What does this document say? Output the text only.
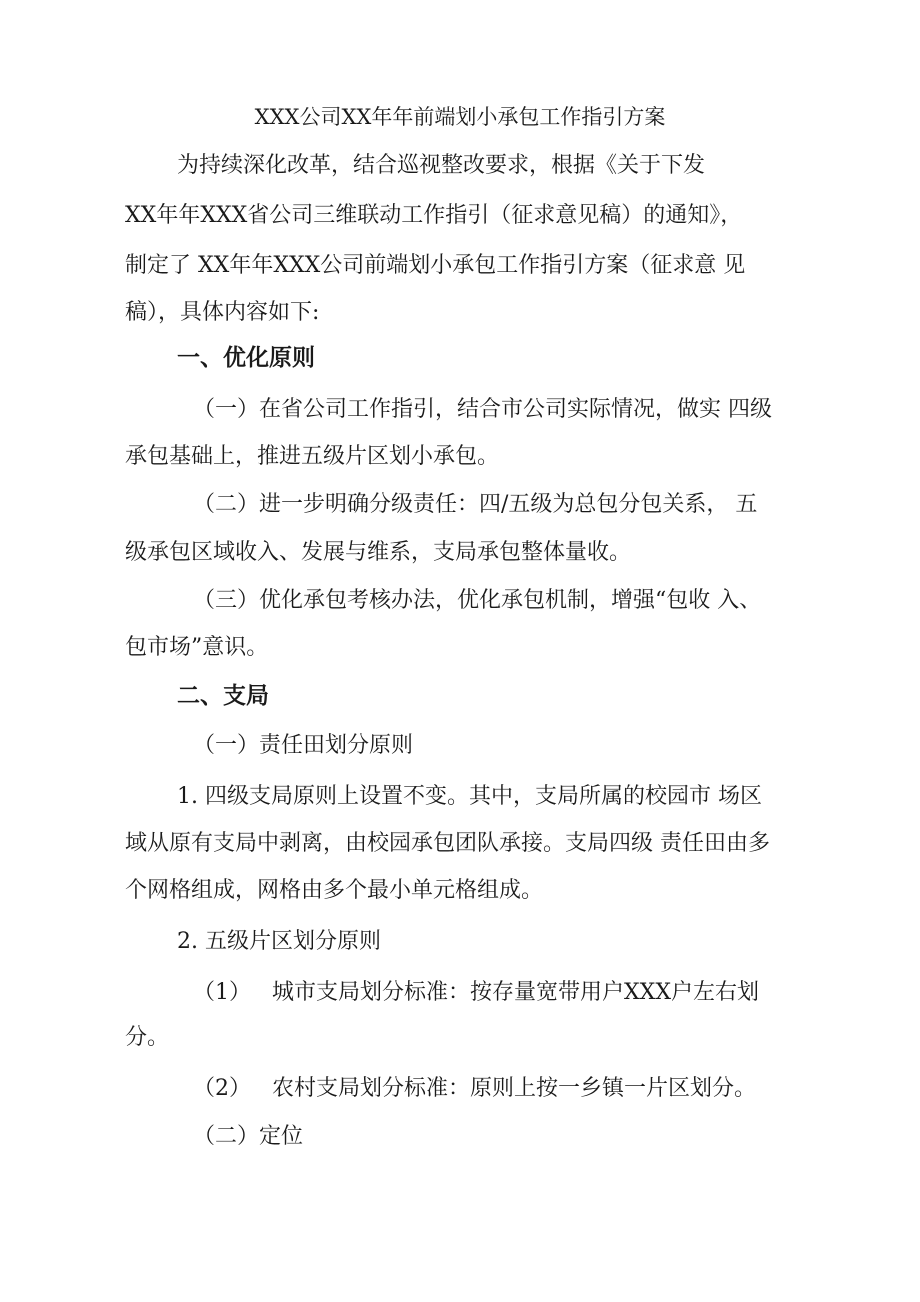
XXX公司XX年年前端划小承包工作指引方案
为持续深化改革，结合巡视整改要求，根据《关于下发
XX年年XXX省公司三维联动工作指引（征求意见稿）的通知》，
制定了 XX年年XXX公司前端划小承包工作指引方案（征求意 见
稿），具体内容如下:
一、优化原则
（一）在省公司工作指引，结合市公司实际情况，做实 四级
承包基础上，推进五级片区划小承包。
（二）进一步明确分级责任：四/五级为总包分包关系， 五
级承包区域收入、发展与维系，支局承包整体量收。
（三）优化承包考核办法，优化承包机制，增强“包收 入、
包市场”意识。
二、支局
（一）责任田划分原则
1. 四级支局原则上设置不变。其中，支局所属的校园市 场区
域从原有支局中剥离，由校园承包团队承接。支局四级 责任田由多
个网格组成，网格由多个最小单元格组成。
2. 五级片区划分原则
（1） 城市支局划分标准：按存量宽带用户XXX户左右划
分。
（2） 农村支局划分标准：原则上按一乡镇一片区划分。
（二）定位
